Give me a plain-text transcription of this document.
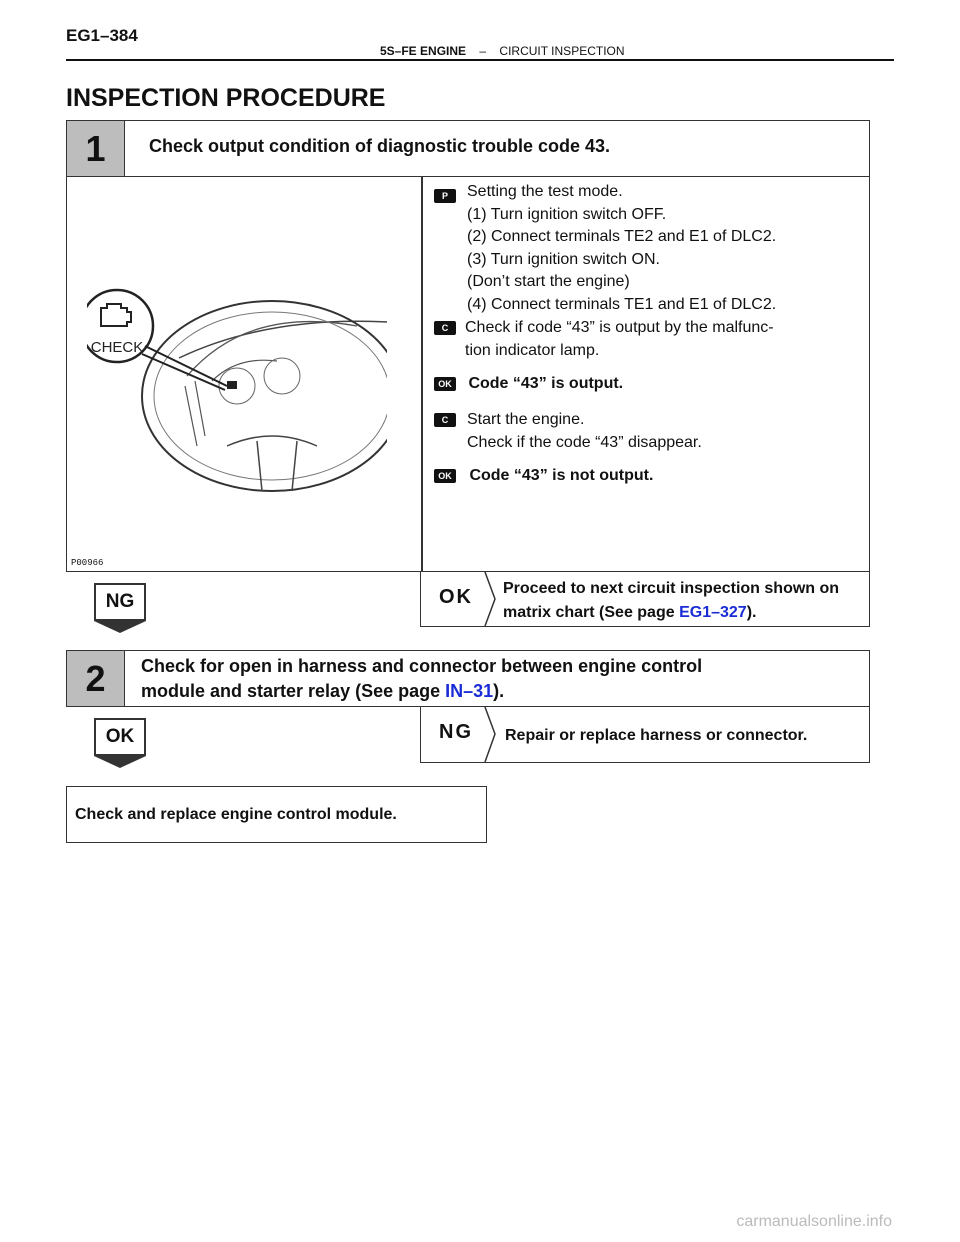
EG1–384
5S–FE ENGINE – CIRCUIT INSPECTION
INSPECTION PROCEDURE
1	Check output condition of diagnostic trouble code 43.
CHECK
P00966
P	Setting the test mode.
(1) Turn ignition switch OFF.
(2) Connect terminals TE2 and E1 of DLC2.
(3) Turn ignition switch ON.
(Don’t start the engine)
(4) Connect terminals TE1 and E1 of DLC2.
C	Check if code “43” is output by the malfunc-
tion indicator lamp.
OK Code “43” is output.
C	Start the engine.
Check if the code “43” disappear.
OK Code “43” is not output.
NG	OK Proceed to next circuit inspection shown on
matrix chart (See page EG1–327).
2	Check for open in harness and connector between engine control
module and starter relay (See page IN–31).
OK	NG Repair or replace harness or connector.
Check and replace engine control module.
carmanualsonline.info
